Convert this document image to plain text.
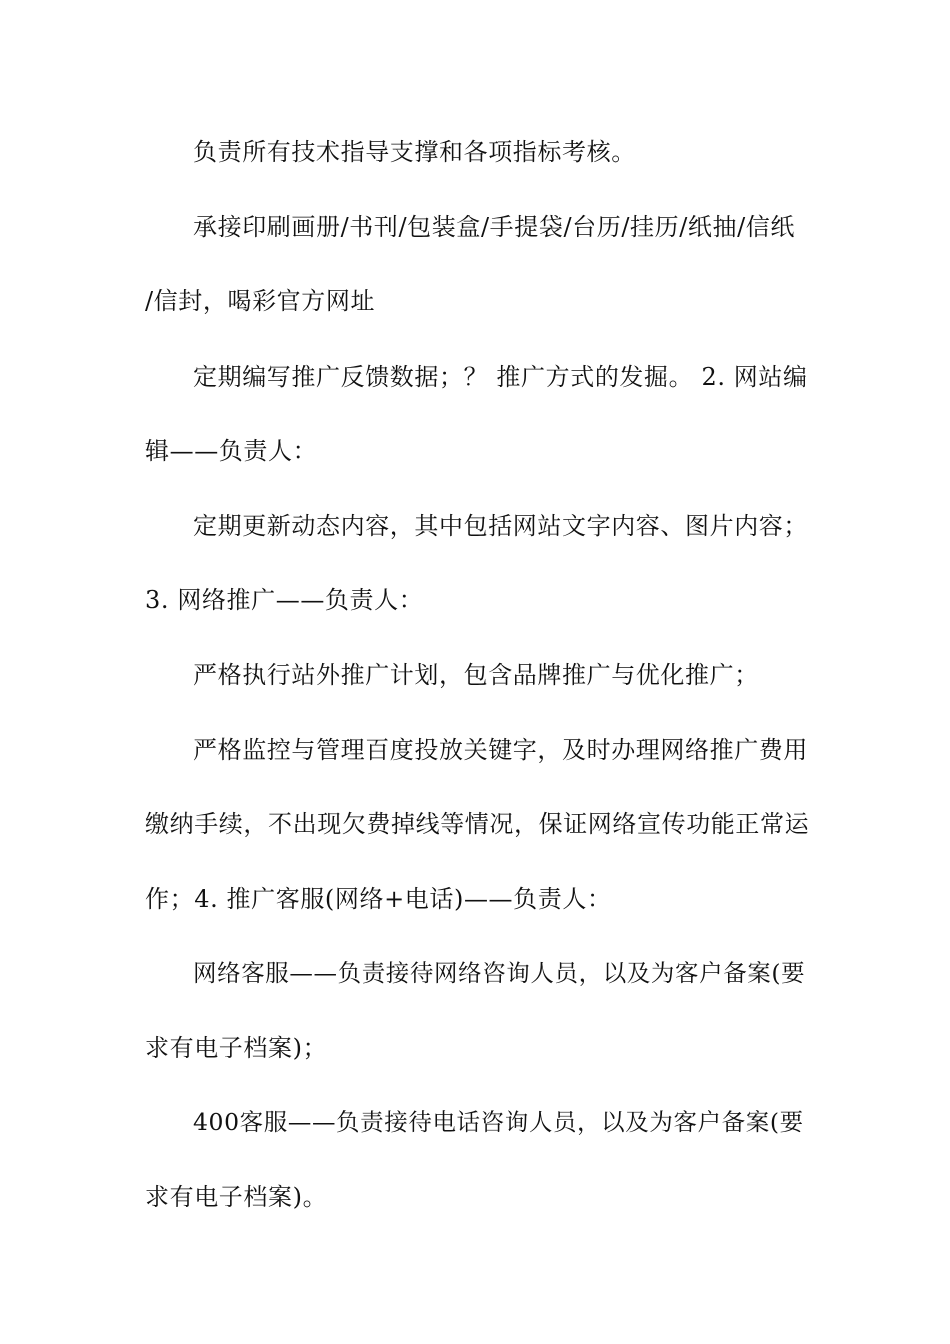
负责所有技术指导支撑和各项指标考核。
承接印刷画册/书刊/包装盒/手提袋/台历/挂历/纸抽/信纸
/信封，喝彩官方网址
定期编写推广反馈数据；？ 推广方式的发掘。 2. 网站编
辑——负责人：
定期更新动态内容，其中包括网站文字内容、图片内容；
3. 网络推广——负责人：
严格执行站外推广计划，包含品牌推广与优化推广；
严格监控与管理百度投放关键字，及时办理网络推广费用
缴纳手续，不出现欠费掉线等情况，保证网络宣传功能正常运
作；4. 推广客服(网络+电话)——负责人：
网络客服——负责接待网络咨询人员，以及为客户备案(要
求有电子档案)；
400客服——负责接待电话咨询人员，以及为客户备案(要
求有电子档案)。
